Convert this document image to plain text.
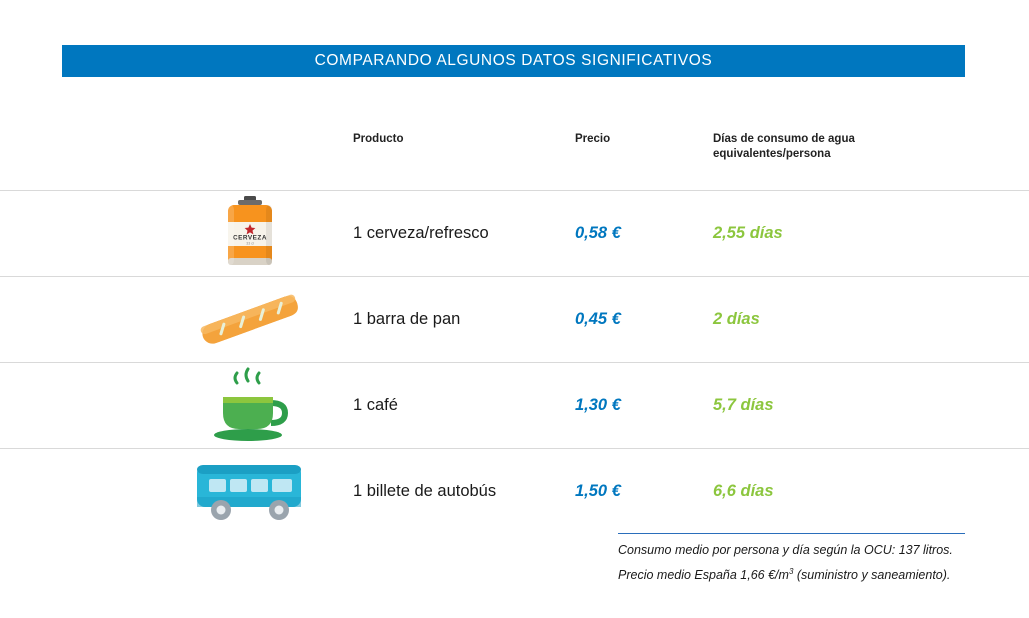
COMPARANDO ALGUNOS DATOS SIGNIFICATIVOS
Producto	Precio	Días de consumo de agua equivalentes/persona
CERVEZA
33 cl
1 cerveza/refresco	0,58 €	2,55 días
1 barra de pan	0,45 €	2 días
1 café	1,30 €	5,7 días
1 billete de autobús	1,50 €	6,6 días
Consumo medio por persona y día según la OCU: 137 litros.
Precio medio España 1,66 $€/m^3$ (suministro y saneamiento).
